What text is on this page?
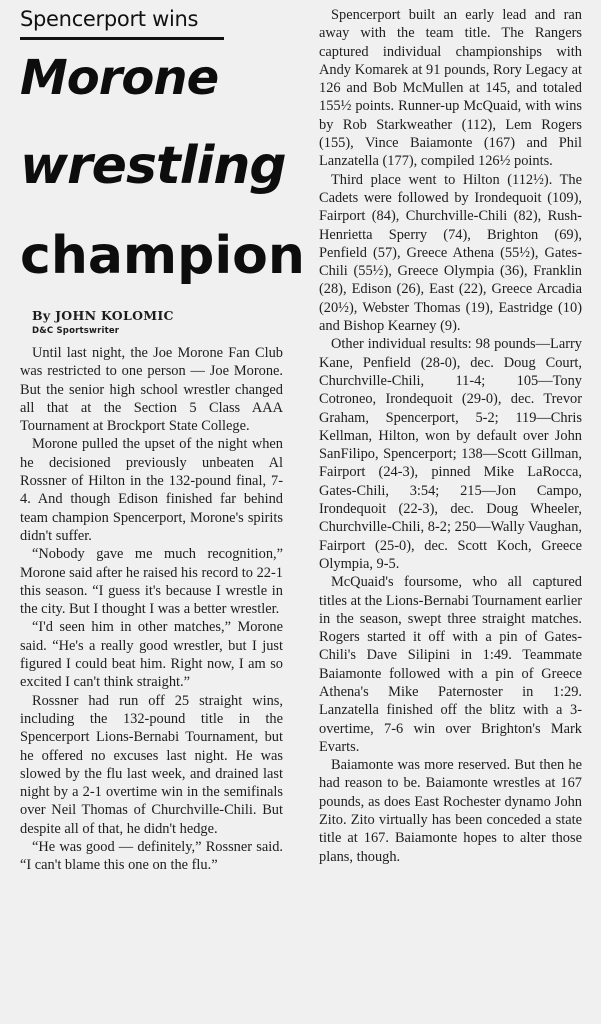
Spencerport wins
Morone
wrestling
champion
By JOHN KOLOMIC
D&C Sportswriter

Until last night, the Joe Morone Fan Club was restricted to one person — Joe Morone. But the senior high school wrestler changed all that at the Section 5 Class AAA Tournament at Brockport State College.

Morone pulled the upset of the night when he decisioned previously unbeaten Al Rossner of Hilton in the 132-pound final, 7-4. And though Edison finished far behind team champion Spencerport, Morone's spirits didn't suffer.

“Nobody gave me much recognition,” Morone said after he raised his record to 22-1 this season. “I guess it's because I wrestle in the city. But I thought I was a better wrestler.

“I'd seen him in other matches,” Morone said. “He's a really good wrestler, but I just figured I could beat him. Right now, I am so excited I can't think straight.”

Rossner had run off 25 straight wins, including the 132-pound title in the Spencerport Lions-Bernabi Tournament, but he offered no excuses last night. He was slowed by the flu last week, and drained last night by a 2-1 overtime win in the semifinals over Neil Thomas of Churchville-Chili. But despite all of that, he didn't hedge.

“He was good — definitely,” Rossner said. “I can't blame this one on the flu.”

Spencerport built an early lead and ran away with the team title. The Rangers captured individual championships with Andy Komarek at 91 pounds, Rory Legacy at 126 and Bob McMullen at 145, and totaled 155½ points. Runner-up McQuaid, with wins by Rob Starkweather (112), Lem Rogers (155), Vince Baiamonte (167) and Phil Lanzatella (177), compiled 126½ points.

Third place went to Hilton (112½). The Cadets were followed by Irondequoit (109), Fairport (84), Churchville-Chili (82), Rush-Henrietta Sperry (74), Brighton (69), Penfield (57), Greece Athena (55½), Gates-Chili (55½), Greece Olympia (36), Franklin (28), Edison (26), East (22), Greece Arcadia (20½), Webster Thomas (19), Eastridge (10) and Bishop Kearney (9).

Other individual results: 98 pounds—Larry Kane, Penfield (28-0), dec. Doug Court, Churchville-Chili, 11-4; 105—Tony Cotroneo, Irondequoit (29-0), dec. Trevor Graham, Spencerport, 5-2; 119—Chris Kellman, Hilton, won by default over John SanFilipo, Spencerport; 138—Scott Gillman, Fairport (24-3), pinned Mike LaRocca, Gates-Chili, 3:54; 215—Jon Campo, Irondequoit (22-3), dec. Doug Wheeler, Churchville-Chili, 8-2; 250—Wally Vaughan, Fairport (25-0), dec. Scott Koch, Greece Olympia, 9-5.

McQuaid's foursome, who all captured titles at the Lions-Bernabi Tournament earlier in the season, swept three straight matches. Rogers started it off with a pin of Gates-Chili's Dave Silipini in 1:49. Teammate Baiamonte followed with a pin of Greece Athena's Mike Paternoster in 1:29. Lanzatella finished off the blitz with a 3-overtime, 7-6 win over Brighton's Mark Evarts.

Baiamonte was more reserved. But then he had reason to be. Baiamonte wrestles at 167 pounds, as does East Rochester dynamo John Zito. Zito virtually has been conceded a state title at 167. Baiamonte hopes to alter those plans, though.
